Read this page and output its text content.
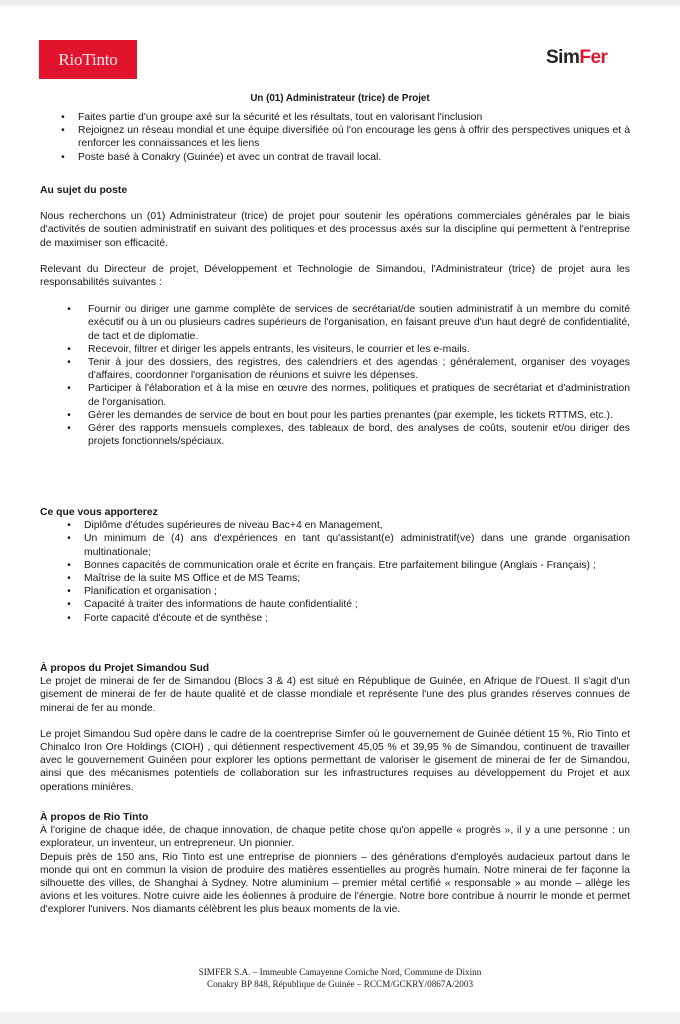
RioTinto	SimFer
Un (01) Administrateur (trice) de Projet
•	Faites partie d'un groupe axé sur la sécurité et les résultats, tout en valorisant l'inclusion
•	Rejoignez un réseau mondial et une équipe diversifiée où l'on encourage les gens à offrir des perspectives uniques et à renforcer les connaissances et les liens
•	Poste basé à Conakry (Guinée) et avec un contrat de travail local.
Au sujet du poste

Nous recherchons un (01) Administrateur (trice) de projet pour soutenir les opérations commerciales générales par le biais d'activités de soutien administratif en suivant des politiques et des processus axés sur la discipline qui permettent à l'entreprise de maximiser son efficacité.

Relevant du Directeur de projet, Développement et Technologie de Simandou, l'Administrateur (trice) de projet aura les responsabilités suivantes :

•	Fournir ou diriger une gamme complète de services de secrétariat/de soutien administratif à un membre du comité exécutif ou à un ou plusieurs cadres supérieurs de l'organisation, en faisant preuve d'un haut degré de confidentialité, de tact et de diplomatie.
•	Recevoir, filtrer et diriger les appels entrants, les visiteurs, le courrier et les e-mails.
•	Tenir à jour des dossiers, des registres, des calendriers et des agendas ; généralement, organiser des voyages d'affaires, coordonner l'organisation de réunions et suivre les dépenses.
•	Participer à l'élaboration et à la mise en œuvre des normes, politiques et pratiques de secrétariat et d'administration de l'organisation.
•	Gérer les demandes de service de bout en bout pour les parties prenantes (par exemple, les tickets RTTMS, etc.).
•	Gérer des rapports mensuels complexes, des tableaux de bord, des analyses de coûts, soutenir et/ou diriger des projets fonctionnels/spéciaux.
Ce que vous apporterez
•	Diplôme d'études supérieures de niveau Bac+4 en Management,
•	Un minimum de (4) ans d'expériences en tant qu'assistant(e) administratif(ve) dans une grande organisation multinationale;
•	Bonnes capacités de communication orale et écrite en français. Etre parfaitement bilingue (Anglais - Français) ;
•	Maîtrise de la suite MS Office et de MS Teams;
•	Planification et organisation ;
•	Capacité à traiter des informations de haute confidentialité ;
•	Forte capacité d'écoute et de synthèse ;
À propos du Projet Simandou Sud

Le projet de minerai de fer de Simandou (Blocs 3 & 4) est situé en République de Guinée, en Afrique de l'Ouest. Il s'agit d'un gisement de minerai de fer de haute qualité et de classe mondiale et représente l'une des plus grandes réserves connues de minerai de fer au monde.

Le projet Simandou Sud opère dans le cadre de la coentreprise Simfer où le gouvernement de Guinée détient 15 %, Rio Tinto et Chinalco Iron Ore Holdings (CIOH) , qui détiennent respectivement 45,05 % et 39,95 % de Simandou, continuent de travailler avec le gouvernement Guinéen pour explorer les options permettant de valoriser le gisement de minerai de fer de Simandou, ainsi que des mécanismes potentiels de collaboration sur les infrastructures requises au développement du Projet et aux operations minières.

À propos de Rio Tinto

À l'origine de chaque idée, de chaque innovation, de chaque petite chose qu'on appelle « progrès », il y a une personne : un explorateur, un inventeur, un entrepreneur. Un pionnier.

Depuis près de 150 ans, Rio Tinto est une entreprise de pionniers – des générations d'employés audacieux partout dans le monde qui ont en commun la vision de produire des matières essentielles au progrès humain. Notre minerai de fer façonne la silhouette des villes, de Shanghai à Sydney. Notre aluminium – premier métal certifié « responsable » au monde – allège les avions et les voitures. Notre cuivre aide les éoliennes à produire de l'énergie. Notre bore contribue à nourrir le monde et permet d'explorer l'univers. Nos diamants célèbrent les plus beaux moments de la vie.

SIMFER S.A. – Immeuble Camayenne Corniche Nord, Commune de Dixinn
Conakry BP 848, République de Guinée – RCCM/GCKRY/0867A/2003
